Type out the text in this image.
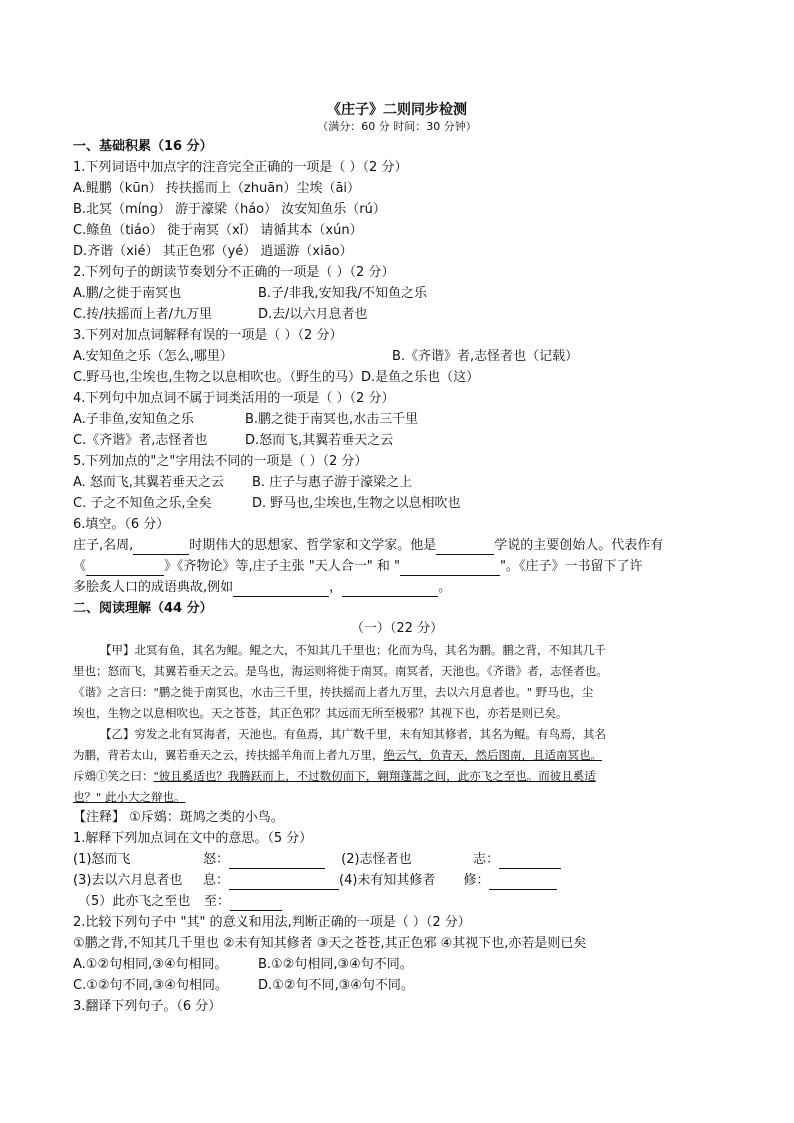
《庄子》二则同步检测
（满分：60 分 时间：30 分钟）
一、基础积累（16 分）
1.下列词语中加点字的注音完全正确的一项是（ ）（2 分）
A.鲲鹏（kūn） 抟扶摇而上（zhuān）尘埃（āi）
B.北冥（míng） 游于濠梁（háo） 汝安知鱼乐（rú）
C.鲦鱼（tiáo） 徙于南冥（xǐ） 请循其本（xún）
D.齐谐（xié） 其正色邪（yé） 逍遥游（xiāo）
2.下列句子的朗读节奏划分不正确的一项是（ ）（2 分）
A.鹏/之徙于南冥也	B.子/非我,安知我/不知鱼之乐
C.抟/扶摇而上者/九万里	D.去/以六月息者也
3.下列对加点词解释有误的一项是（ ）（2 分）
A.安知鱼之乐（怎么,哪里）	B.《齐谐》者,志怪者也（记载）
C.野马也,尘埃也,生物之以息相吹也。（野生的马）D.是鱼之乐也（这）
4.下列句中加点词不属于词类活用的一项是（ ）（2 分）
A.子非鱼,安知鱼之乐	B.鹏之徙于南冥也,水击三千里
C.《齐谐》者,志怪者也	D.怒而飞,其翼若垂天之云
5.下列加点的"之"字用法不同的一项是（ ）（2 分）
A. 怒而飞,其翼若垂天之云 B. 庄子与惠子游于濠梁之上
C. 子之不知鱼之乐,全矣	D. 野马也,尘埃也,生物之以息相吹也
6.填空。（6 分）
庄子,名周,	时期伟大的思想家、哲学家和文学家。他是	学说的主要创始人。代表作有
《	》《齐物论》等,庄子主张 "天人合一" 和 "	"。《庄子》一书留下了许
多脍炙人口的成语典故,例如	，	。
二、阅读理解（44 分）
（一）（22 分）
【甲】北冥有鱼，其名为鲲。鲲之大，不知其几千里也；化而为鸟，其名为鹏。鹏之背，不知其几千
里也；怒而飞，其翼若垂天之云。是鸟也，海运则将徙于南冥。南冥者，天池也。《齐谐》者，志怪者也。
《谐》之言曰："鹏之徙于南冥也，水击三千里，抟扶摇而上者九万里，去以六月息者也。" 野马也，尘
埃也，生物之以息相吹也。天之苍苍，其正色邪？其远而无所至极邪？其视下也，亦若是则已矣。
【乙】穷发之北有冥海者，天池也。有鱼焉，其广数千里，未有知其修者，其名为鲲。有鸟焉，其名
为鹏，背若太山，翼若垂天之云，抟扶摇羊角而上者九万里，绝云气，负青天，然后图南，且适南冥也。
斥鴳①笑之曰："彼且奚适也？我腾跃而上，不过数仞而下，翱翔蓬蒿之间，此亦飞之至也。而彼且奚适
也？" 此小大之辩也。
【注释】 ①斥鴳：斑鸠之类的小鸟。
1.解释下列加点词在文中的意思。（5 分）
(1)怒而飞	怒：	(2)志怪者也	志：
(3)去以六月息者也 息：	(4)未有知其修者 修：
（5）此亦飞之至也 至：
2.比较下列句子中 "其" 的意义和用法,判断正确的一项是（ ）（2 分）
①鹏之背,不知其几千里也 ②未有知其修者 ③天之苍苍,其正色邪 ④其视下也,亦若是则已矣
A.①②句相同,③④句相同。 B.①②句相同,③④句不同。
C.①②句不同,③④句相同。 D.①②句不同,③④句不同。
3.翻译下列句子。（6 分）
